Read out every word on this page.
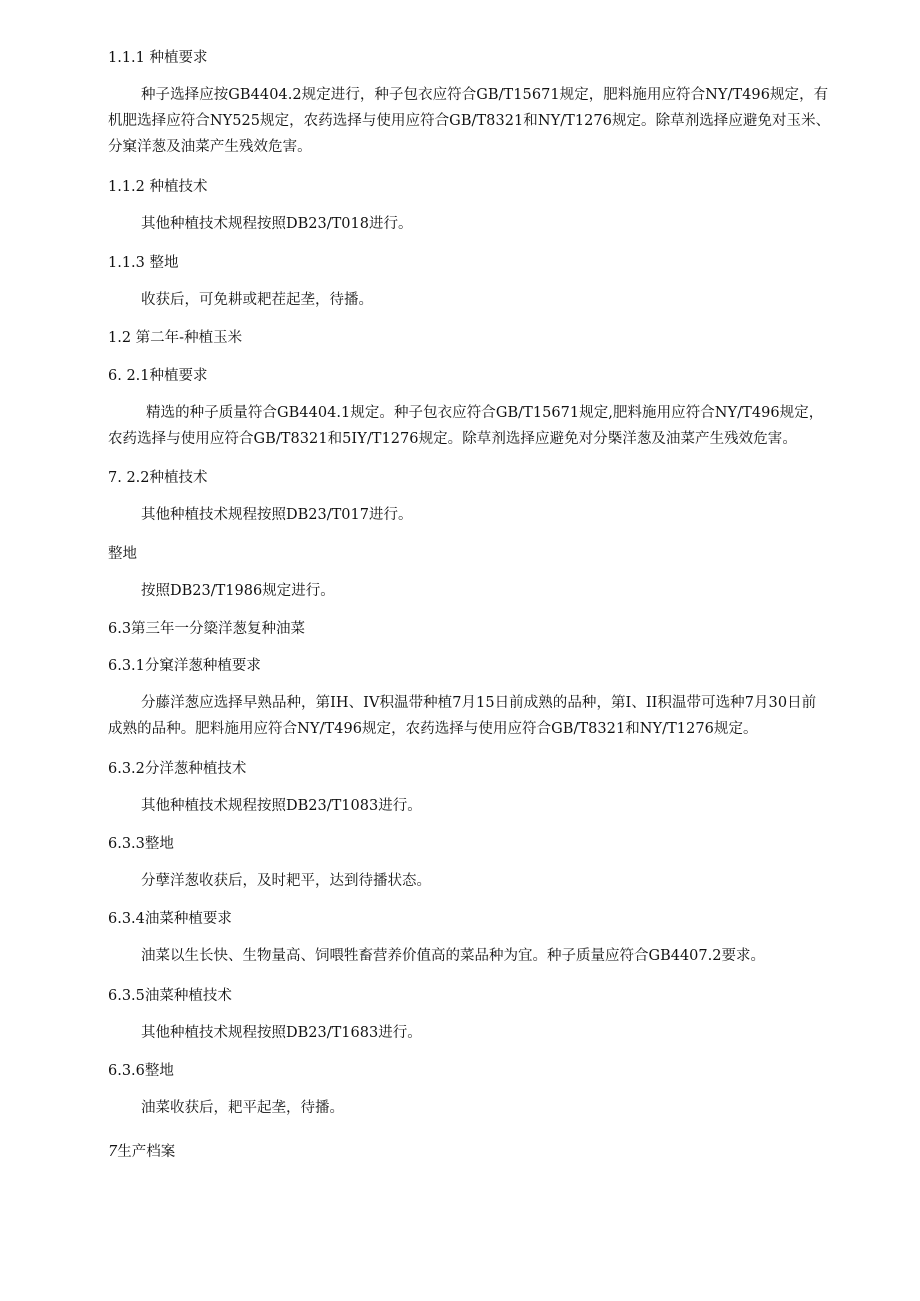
1.1.1 种植要求
种子选择应按GB4404.2规定进行，种子包衣应符合GB/T15671规定，肥料施用应符合NY/T496规定，有机肥选择应符合NY525规定，农药选择与使用应符合GB/T8321和NY/T1276规定。除草剂选择应避免对玉米、分窠洋葱及油菜产生残效危害。
1.1.2 种植技术
其他种植技术规程按照DB23/T018进行。
1.1.3 整地
收获后，可免耕或耙茬起垄，待播。
1.2 第二年-种植玉米
6. 2.1种植要求
精选的种子质量符合GB4404.1规定。种子包衣应符合GB/T15671规定,肥料施用应符合NY/T496规定，农药选择与使用应符合GB/T8321和5IY/T1276规定。除草剂选择应避免对分槩洋葱及油菜产生残效危害。
7. 2.2种植技术
其他种植技术规程按照DB23/T017进行。
整地
按照DB23/T1986规定进行。
6.3第三年一分簗洋葱复种油菜
6.3.1分窠洋葱种植要求
分藤洋葱应选择早熟品种，第IH、IV积温带种植7月15日前成熟的品种，第I、II积温带可选种7月30日前成熟的品种。肥料施用应符合NY/T496规定，农药选择与使用应符合GB/T8321和NY/T1276规定。
6.3.2分洋葱种植技术
其他种植技术规程按照DB23/T1083进行。
6.3.3整地
分孽洋葱收获后，及时耙平，达到待播状态。
6.3.4油菜种植要求
油菜以生长快、生物量高、饲喂牲畜营养价值高的菜品种为宜。种子质量应符合GB4407.2要求。
6.3.5油菜种植技术
其他种植技术规程按照DB23/T1683进行。
6.3.6整地
油菜收获后，耙平起垄，待播。
7生产档案
